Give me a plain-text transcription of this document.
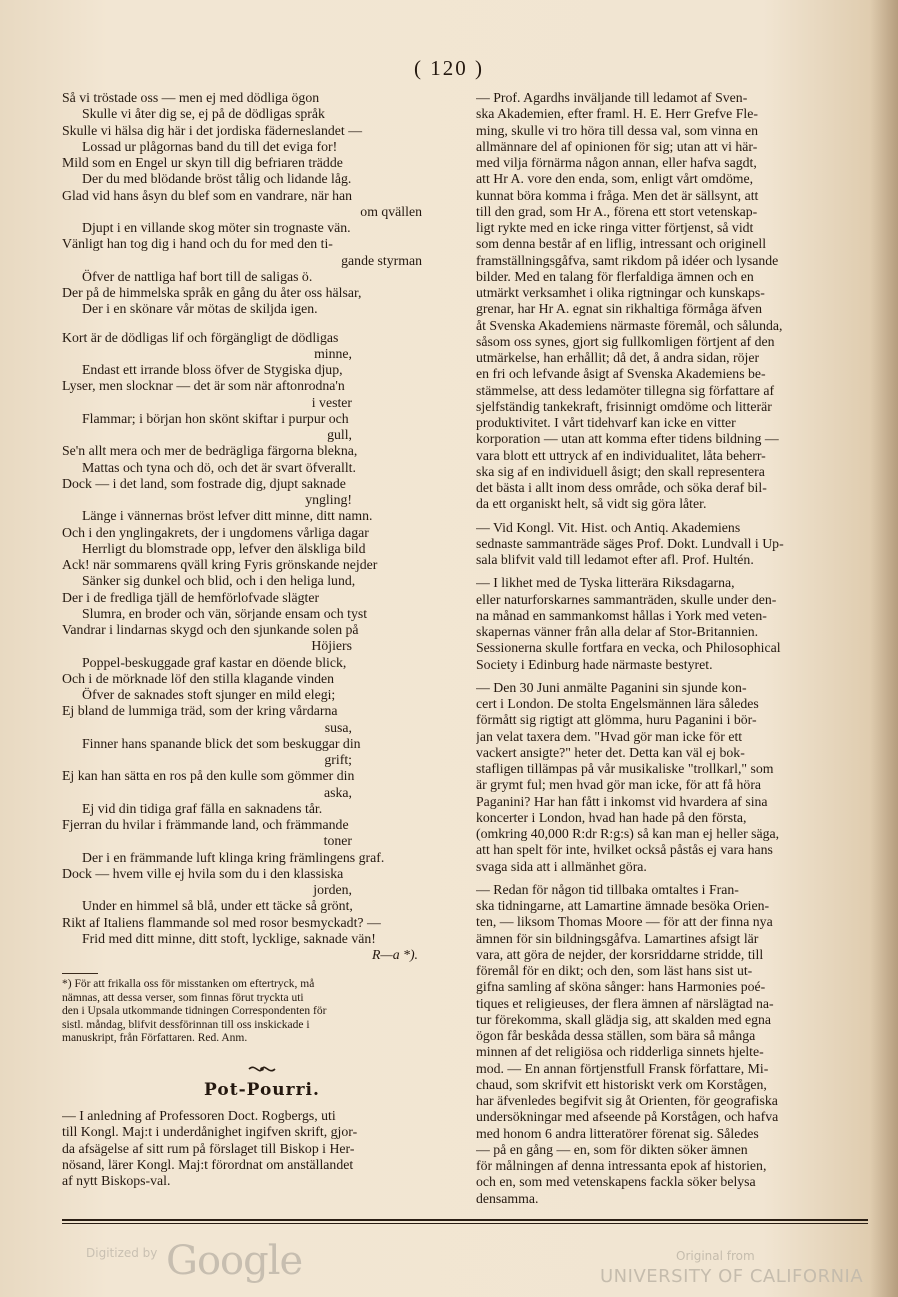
( 120 )
Så vi tröstade oss — men ej med dödliga ögon
Skulle vi åter dig se, ej på de dödligas språk
Skulle vi hälsa dig här i det jordiska fäderneslandet —
Lossad ur plågornas band du till det eviga for!
Mild som en Engel ur skyn till dig befriaren trädde
Der du med blödande bröst tålig och lidande låg.
Glad vid hans åsyn du blef som en vandrare, när han
om qvällen
Djupt i en villande skog möter sin trognaste vän.
Vänligt han tog dig i hand och du for med den ti-
gande styrman
Öfver de nattliga haf bort till de saligas ö.
Der på de himmelska språk en gång du åter oss hälsar,
Der i en skönare vår mötas de skiljda igen.
Kort är de dödligas lif och förgängligt de dödligas
minne,
Endast ett irrande bloss öfver de Stygiska djup,
Lyser, men slocknar — det är som när aftonrodna'n
i vester
Flammar; i början hon skönt skiftar i purpur och
gull,
Se'n allt mera och mer de bedrägliga färgorna blekna,
Mattas och tyna och dö, och det är svart öfverallt.
Dock — i det land, som fostrade dig, djupt saknade
yngling!
Länge i vännernas bröst lefver ditt minne, ditt namn.
Och i den ynglingakrets, der i ungdomens vårliga dagar
Herrligt du blomstrade opp, lefver den älskliga bild
Ack! när sommarens qväll kring Fyris grönskande nejder
Sänker sig dunkel och blid, och i den heliga lund,
Der i de fredliga tjäll de hemförlofvade slägter
Slumra, en broder och vän, sörjande ensam och tyst
Vandrar i lindarnas skygd och den sjunkande solen på
Höjiers
Poppel-beskuggade graf kastar en döende blick,
Och i de mörknade löf den stilla klagande vinden
Öfver de saknades stoft sjunger en mild elegi;
Ej bland de lummiga träd, som der kring vårdarna
susa,
Finner hans spanande blick det som beskuggar din
grift;
Ej kan han sätta en ros på den kulle som gömmer din
aska,
Ej vid din tidiga graf fälla en saknadens tår.
Fjerran du hvilar i främmande land, och främmande
toner
Der i en främmande luft klinga kring främlingens graf.
Dock — hvem ville ej hvila som du i den klassiska
jorden,
Under en himmel så blå, under ett täcke så grönt,
Rikt af Italiens flammande sol med rosor besmyckadt? —
Frid med ditt minne, ditt stoft, lycklige, saknade vän!
R—a *).
*) För att frikalla oss för misstanken om eftertryck, må
nämnas, att dessa verser, som finnas förut tryckta uti
den i Upsala utkommande tidningen Correspondenten för
sistl. måndag, blifvit dessförinnan till oss inskickade i
manuskript, från Författaren. Red. Anm.
Pot-Pourri.
— I anledning af Professoren Doct. Rogbergs, uti
till Kongl. Maj:t i underdånighet ingifven skrift, gjor-
da afsägelse af sitt rum på förslaget till Biskop i Her-
nösand, lärer Kongl. Maj:t förordnat om anställandet
af nytt Biskops-val.
— Prof. Agardhs inväljande till ledamot af Sven-
ska Akademien, efter framl. H. E. Herr Grefve Fle-
ming, skulle vi tro höra till dessa val, som vinna en
allmännare del af opinionen för sig; utan att vi här-
med vilja förnärma någon annan, eller hafva sagdt,
att Hr A. vore den enda, som, enligt vårt omdöme,
kunnat böra komma i fråga. Men det är sällsynt, att
till den grad, som Hr A., förena ett stort vetenskap-
ligt rykte med en icke ringa vitter förtjenst, så vidt
som denna består af en liflig, intressant och originell
framställningsgåfva, samt rikdom på idéer och lysande
bilder. Med en talang för flerfaldiga ämnen och en
utmärkt verksamhet i olika rigtningar och kunskaps-
grenar, har Hr A. egnat sin rikhaltiga förmåga äfven
åt Svenska Akademiens närmaste föremål, och sålunda,
såsom oss synes, gjort sig fullkomligen förtjent af den
utmärkelse, han erhållit; då det, å andra sidan, röjer
en fri och lefvande åsigt af Svenska Akademiens be-
stämmelse, att dess ledamöter tillegna sig författare af
sjelfständig tankekraft, frisinnigt omdöme och litterär
produktivitet. I vårt tidehvarf kan icke en vitter
korporation — utan att komma efter tidens bildning —
vara blott ett uttryck af en individualitet, låta beherr-
ska sig af en individuell åsigt; den skall representera
det bästa i allt inom dess område, och söka deraf bil-
da ett organiskt helt, så vidt sig göra låter.
— Vid Kongl. Vit. Hist. och Antiq. Akademiens
sednaste sammanträde säges Prof. Dokt. Lundvall i Up-
sala blifvit vald till ledamot efter afl. Prof. Hultén.
— I likhet med de Tyska litterära Riksdagarna,
eller naturforskarnes sammanträden, skulle under den-
na månad en sammankomst hållas i York med veten-
skapernas vänner från alla delar af Stor-Britannien.
Sessionerna skulle fortfara en vecka, och Philosophical
Society i Edinburg hade närmaste bestyret.
— Den 30 Juni anmälte Paganini sin sjunde kon-
cert i London. De stolta Engelsmännen lära således
förmått sig rigtigt att glömma, huru Paganini i bör-
jan velat taxera dem. "Hvad gör man icke för ett
vackert ansigte?" heter det. Detta kan väl ej bok-
stafligen tillämpas på vår musikaliske "trollkarl," som
är grymt ful; men hvad gör man icke, för att få höra
Paganini? Har han fått i inkomst vid hvardera af sina
koncerter i London, hvad han hade på den första,
(omkring 40,000 R:dr R:g:s) så kan man ej heller säga,
att han spelt för inte, hvilket också påstås ej vara hans
svaga sida att i allmänhet göra.
— Redan för någon tid tillbaka omtaltes i Fran-
ska tidningarne, att Lamartine ämnade besöka Orien-
ten, — liksom Thomas Moore — för att der finna nya
ämnen för sin bildningsgåfva. Lamartines afsigt lär
vara, att göra de nejder, der korsriddarne stridde, till
föremål för en dikt; och den, som läst hans sist ut-
gifna samling af sköna sånger: hans Harmonies poé-
tiques et religieuses, der flera ämnen af närslägtad na-
tur förekomma, skall glädja sig, att skalden med egna
ögon får beskåda dessa ställen, som bära så många
minnen af det religiösa och ridderliga sinnets hjelte-
mod. — En annan förtjenstfull Fransk författare, Mi-
chaud, som skrifvit ett historiskt verk om Korstågen,
har äfvenledes begifvit sig åt Orienten, för geografiska
undersökningar med afseende på Korstågen, och hafva
med honom 6 andra litteratörer förenat sig. Således
— på en gång — en, som för dikten söker ämnen
för målningen af denna intressanta epok af historien,
och en, som med vetenskapens fackla söker belysa
densamma.
Digitized by Google	Original from
UNIVERSITY OF CALIFORNIA
